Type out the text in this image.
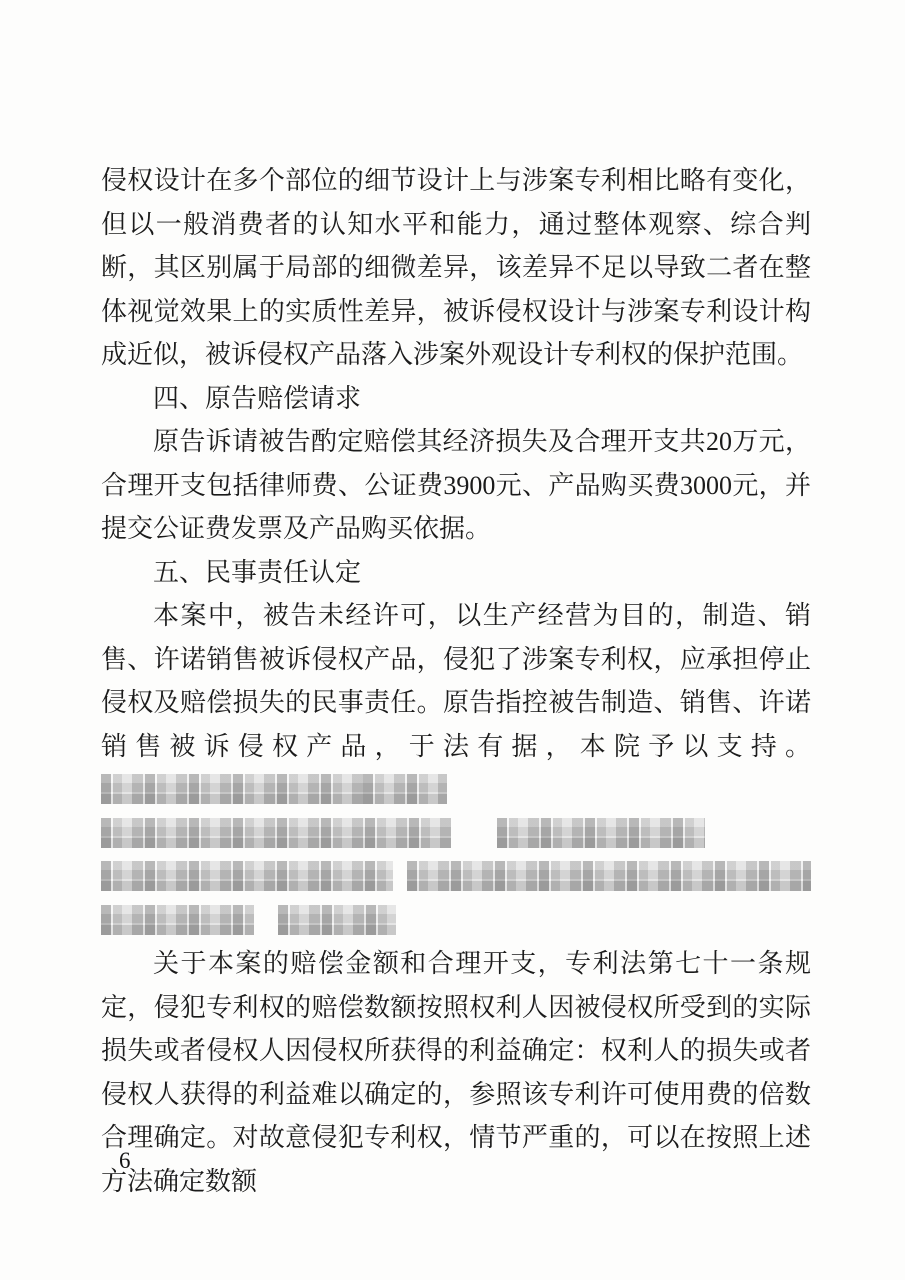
侵权设计在多个部位的细节设计上与涉案专利相比略有变化，但以一般消费者的认知水平和能力，通过整体观察、综合判断，其区别属于局部的细微差异，该差异不足以导致二者在整体视觉效果上的实质性差异，被诉侵权设计与涉案专利设计构成近似，被诉侵权产品落入涉案外观设计专利权的保护范围。

四、原告赔偿请求

原告诉请被告酌定赔偿其经济损失及合理开支共20万元，合理开支包括律师费、公证费3900元、产品购买费3000元，并提交公证费发票及产品购买依据。

五、民事责任认定

本案中，被告未经许可，以生产经营为目的，制造、销售、许诺销售被诉侵权产品，侵犯了涉案专利权，应承担停止侵权及赔偿损失的民事责任。原告指控被告制造、销售、许诺销售被诉侵权产品，于法有据，本院予以支持。

关于本案的赔偿金额和合理开支，专利法第七十一条规定，侵犯专利权的赔偿数额按照权利人因被侵权所受到的实际损失或者侵权人因侵权所获得的利益确定：权利人的损失或者侵权人获得的利益难以确定的，参照该专利许可使用费的倍数合理确定。对故意侵犯专利权，情节严重的，可以在按照上述方法确定数额

6
